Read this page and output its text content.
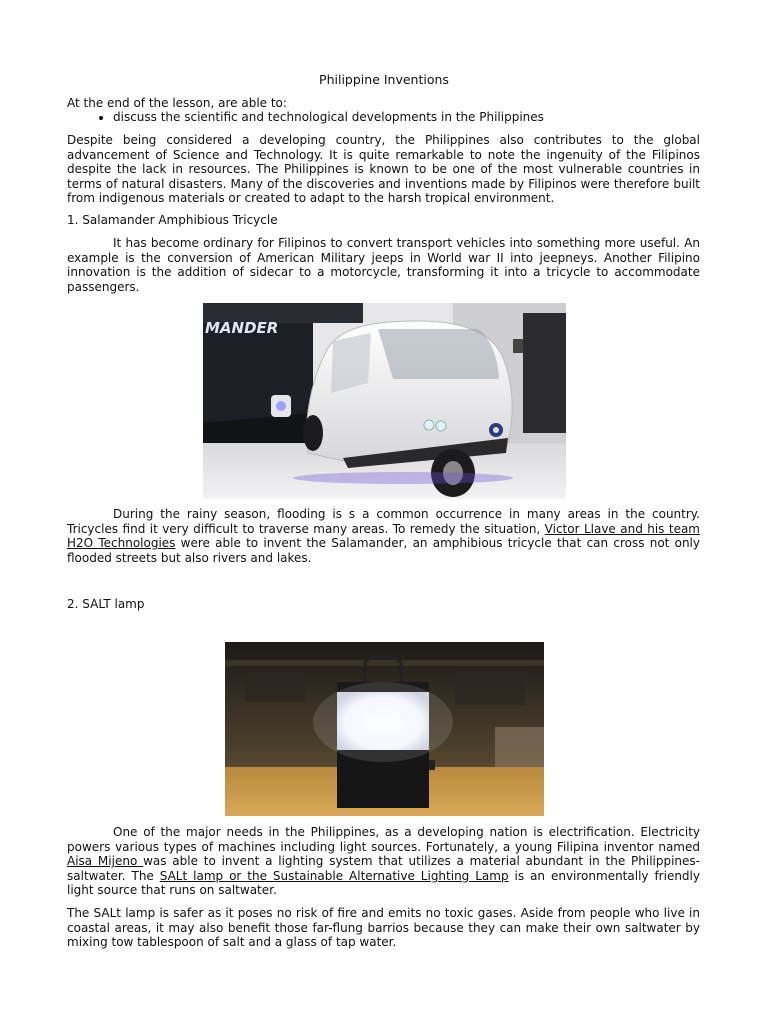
Philippine Inventions

At the end of the lesson, are able to:

• discuss the scientific and technological developments in the Philippines

Despite being considered a developing country, the Philippines also contributes to the global advancement of Science and Technology. It is quite remarkable to note the ingenuity of the Filipinos despite the lack in resources. The Philippines is known to be one of the most vulnerable countries in terms of natural disasters. Many of the discoveries and inventions made by Filipinos were therefore built from indigenous materials or created to adapt to the harsh tropical environment.

1. Salamander Amphibious Tricycle

It has become ordinary for Filipinos to convert transport vehicles into something more useful. An example is the conversion of American Military jeeps in World war II into jeepneys. Another Filipino innovation is the addition of sidecar to a motorcycle, transforming it into a tricycle to accommodate passengers.

MANDER

During the rainy season, flooding is s a common occurrence in many areas in the country. Tricycles find it very difficult to traverse many areas. To remedy the situation, Victor Llave and his team H2O Technologies were able to invent the Salamander, an amphibious tricycle that can cross not only flooded streets but also rivers and lakes.

2. SALT lamp

One of the major needs in the Philippines, as a developing nation is electrification. Electricity powers various types of machines including light sources. Fortunately, a young Filipina inventor named Aisa Mijeno was able to invent a lighting system that utilizes a material abundant in the Philippines-saltwater. The SALt lamp or the Sustainable Alternative Lighting Lamp is an environmentally friendly light source that runs on saltwater.

The SALt lamp is safer as it poses no risk of fire and emits no toxic gases. Aside from people who live in coastal areas, it may also benefit those far-flung barrios because they can make their own saltwater by mixing tow tablespoon of salt and a glass of tap water.
